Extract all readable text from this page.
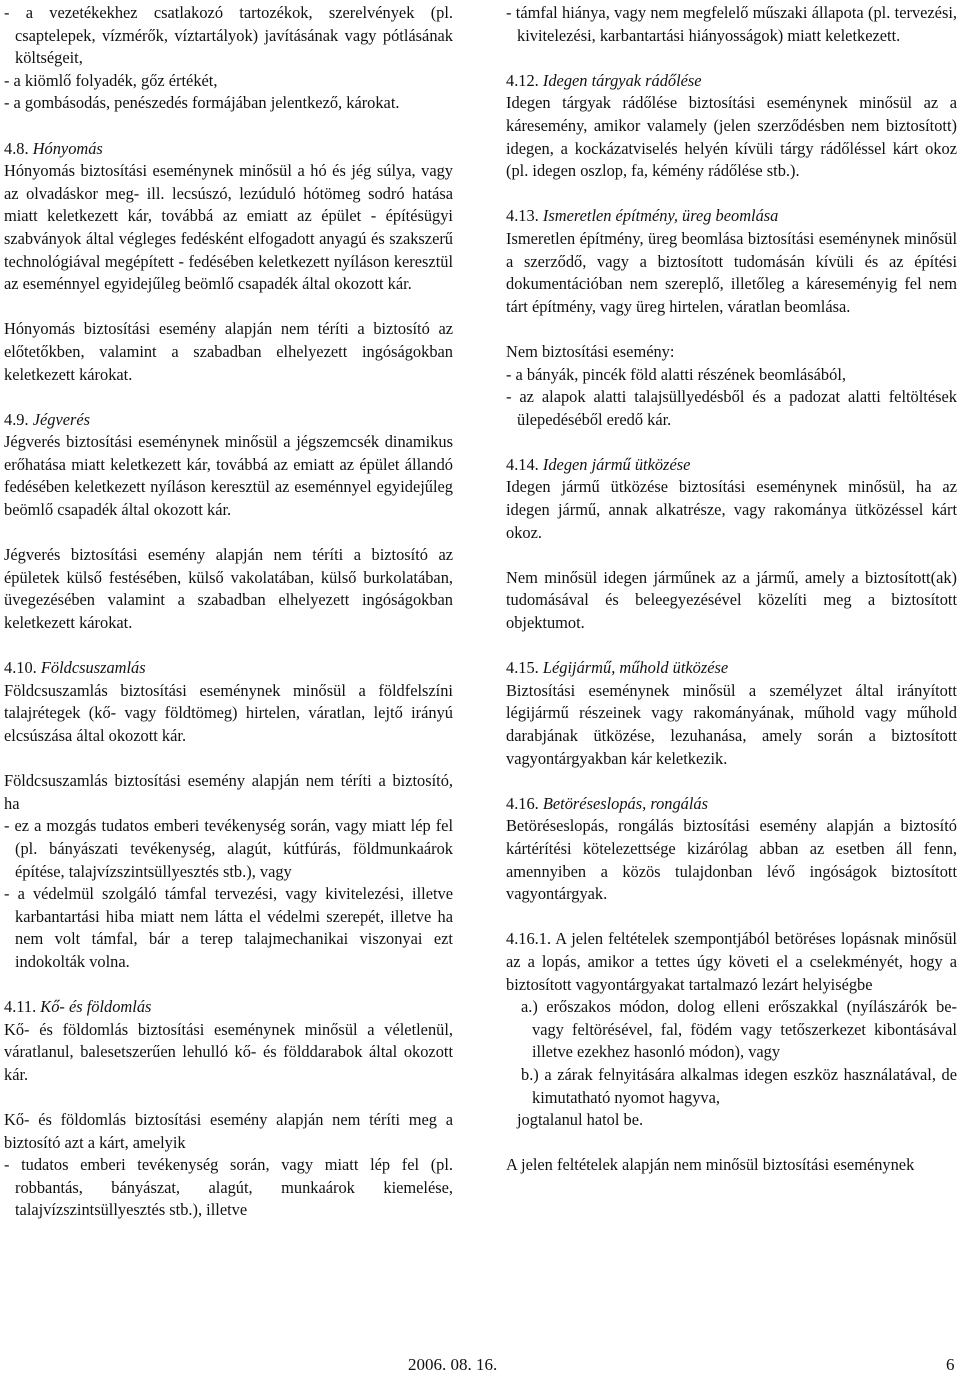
- a vezetékekhez csatlakozó tartozékok, szerelvények (pl. csaptelepek, vízmérők, víztartályok) javításának vagy pótlásának költségeit,

- a kiömlő folyadék, gőz értékét,

- a gombásodás, penészedés formájában jelentkező, károkat.

4.8. Hónyomás

Hónyomás biztosítási eseménynek minősül a hó és jég súlya, vagy az olvadáskor meg- ill. lecsúszó, lezúduló hótömeg sodró hatása miatt keletkezett kár, továbbá az emiatt az épület - építésügyi szabványok által végleges fedésként elfogadott anyagú és szakszerű technológiával megépített - fedésében keletkezett nyíláson keresztül az eseménnyel egyidejűleg beömlő csapadék által okozott kár.

Hónyomás biztosítási esemény alapján nem téríti a biztosító az előtetőkben, valamint a szabadban elhelyezett ingóságokban keletkezett károkat.

4.9. Jégverés

Jégverés biztosítási eseménynek minősül a jégszemcsék dinamikus erőhatása miatt keletkezett kár, továbbá az emiatt az épület állandó fedésében keletkezett nyíláson keresztül az eseménnyel egyidejűleg beömlő csapadék által okozott kár.

Jégverés biztosítási esemény alapján nem téríti a biztosító az épületek külső festésében, külső vakolatában, külső burkolatában, üvegezésében valamint a szabadban elhelyezett ingóságokban keletkezett károkat.

4.10. Földcsuszamlás

Földcsuszamlás biztosítási eseménynek minősül a földfelszíni talajrétegek (kő- vagy földtömeg) hirtelen, váratlan, lejtő irányú elcsúszása által okozott kár.

Földcsuszamlás biztosítási esemény alapján nem téríti a biztosító, ha

- ez a mozgás tudatos emberi tevékenység során, vagy miatt lép fel (pl. bányászati tevékenység, alagút, kútfúrás, földmunkaárok építése, talajvízszintsüllyesztés stb.), vagy

- a védelmül szolgáló támfal tervezési, vagy kivitelezési, illetve karbantartási hiba miatt nem látta el védelmi szerepét, illetve ha nem volt támfal, bár a terep talajmechanikai viszonyai ezt indokolták volna.

4.11. Kő- és földomlás

Kő- és földomlás biztosítási eseménynek minősül a véletlenül, váratlanul, balesetszerűen lehulló kő- és földdarabok által okozott kár.

Kő- és földomlás biztosítási esemény alapján nem téríti meg a biztosító azt a kárt, amelyik

- tudatos emberi tevékenység során, vagy miatt lép fel (pl. robbantás, bányászat, alagút, munkaárok kiemelése, talajvízszintsüllyesztés stb.), illetve

- támfal hiánya, vagy nem megfelelő műszaki állapota (pl. tervezési, kivitelezési, karbantartási hiányosságok) miatt keletkezett.

4.12. Idegen tárgyak rádőlése

Idegen tárgyak rádőlése biztosítási eseménynek minősül az a káresemény, amikor valamely (jelen szerződésben nem biztosított) idegen, a kockázatviselés helyén kívüli tárgy rádőléssel kárt okoz (pl. idegen oszlop, fa, kémény rádőlése stb.).

4.13. Ismeretlen építmény, üreg beomlása

Ismeretlen építmény, üreg beomlása biztosítási eseménynek minősül a szerződő, vagy a biztosított tudomásán kívüli és az építési dokumentációban nem szereplő, illetőleg a káreseményig fel nem tárt építmény, vagy üreg hirtelen, váratlan beomlása.

Nem biztosítási esemény:

- a bányák, pincék föld alatti részének beomlásából,

- az alapok alatti talajsüllyedésből és a padozat alatti feltöltések ülepedéséből eredő kár.

4.14. Idegen jármű ütközése

Idegen jármű ütközése biztosítási eseménynek minősül, ha az idegen jármű, annak alkatrésze, vagy rakománya ütközéssel kárt okoz.

Nem minősül idegen járműnek az a jármű, amely a biztosított(ak) tudomásával és beleegyezésével közelíti meg a biztosított objektumot.

4.15. Légijármű, műhold ütközése

Biztosítási eseménynek minősül a személyzet által irányított légijármű részeinek vagy rakományának, műhold vagy műhold darabjának ütközése, lezuhanása, amely során a biztosított vagyontárgyakban kár keletkezik.

4.16. Betöréseslopás, rongálás

Betöréseslopás, rongálás biztosítási esemény alapján a biztosító kártérítési kötelezettsége kizárólag abban az esetben áll fenn, amennyiben a közös tulajdonban lévő ingóságok biztosított vagyontárgyak.

4.16.1. A jelen feltételek szempontjából betöréses lopásnak minősül az a lopás, amikor a tettes úgy követi el a cselekményét, hogy a biztosított vagyontárgyakat tartalmazó lezárt helyiségbe

a.) erőszakos módon, dolog elleni erőszakkal (nyílászárók be- vagy feltörésével, fal, födém vagy tetőszerkezet kibontásával illetve ezekhez hasonló módon), vagy

b.) a zárak felnyitására alkalmas idegen eszköz használatával, de kimutatható nyomot hagyva,

jogtalanul hatol be.

A jelen feltételek alapján nem minősül biztosítási eseménynek

2006. 08. 16.	6
